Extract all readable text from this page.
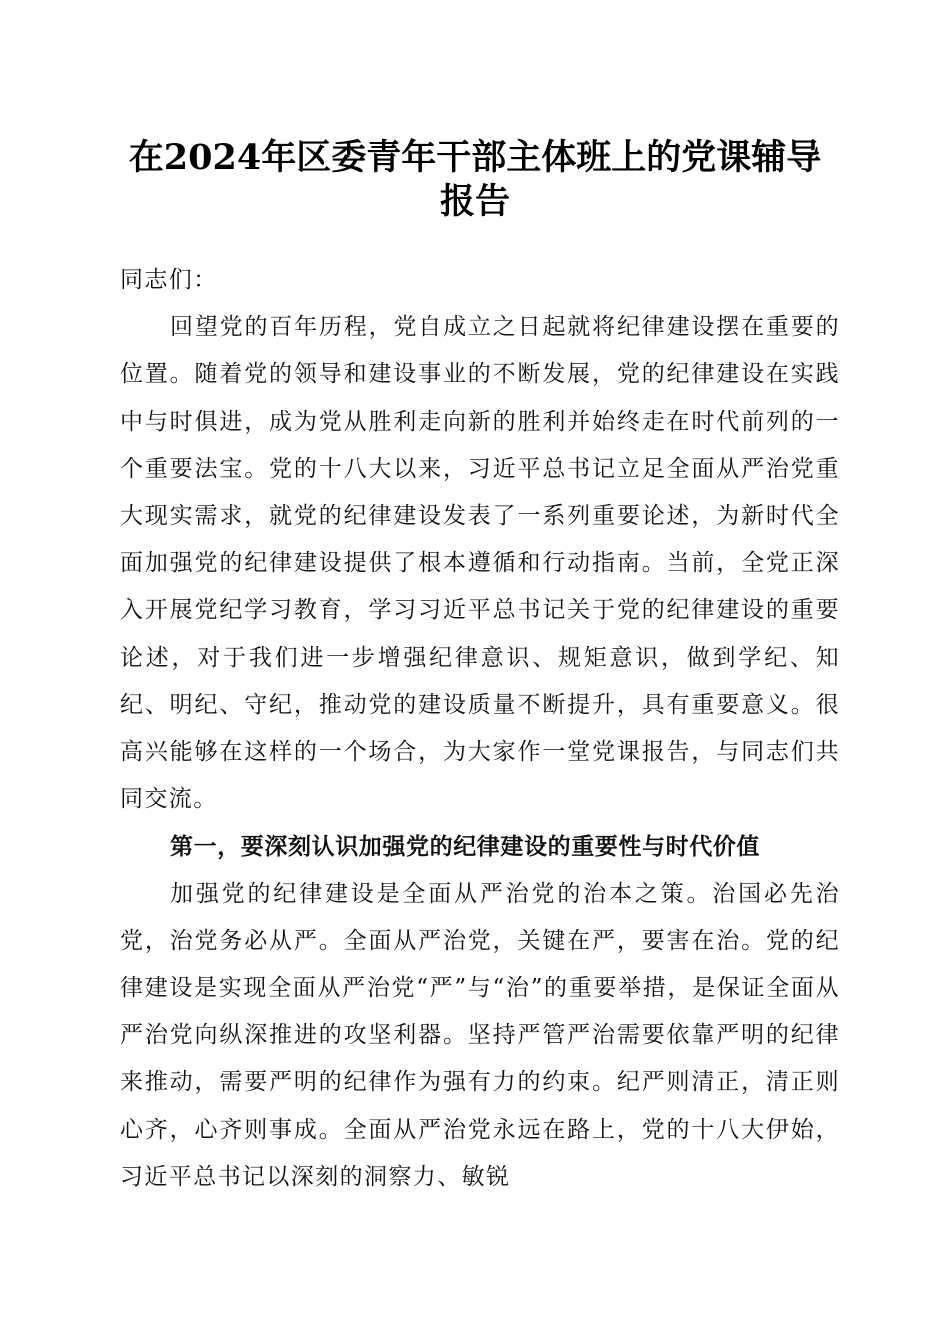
在2024年区委青年干部主体班上的党课辅导
报告

同志们：

回望党的百年历程，党自成立之日起就将纪律建设摆在重要的位置。随着党的领导和建设事业的不断发展，党的纪律建设在实践中与时俱进，成为党从胜利走向新的胜利并始终走在时代前列的一个重要法宝。党的十八大以来，习近平总书记立足全面从严治党重大现实需求，就党的纪律建设发表了一系列重要论述，为新时代全面加强党的纪律建设提供了根本遵循和行动指南。当前，全党正深入开展党纪学习教育，学习习近平总书记关于党的纪律建设的重要论述，对于我们进一步增强纪律意识、规矩意识，做到学纪、知纪、明纪、守纪，推动党的建设质量不断提升，具有重要意义。很高兴能够在这样的一个场合，为大家作一堂党课报告，与同志们共同交流。

第一，要深刻认识加强党的纪律建设的重要性与时代价值

加强党的纪律建设是全面从严治党的治本之策。治国必先治党，治党务必从严。全面从严治党，关键在严，要害在治。党的纪律建设是实现全面从严治党“严”与“治”的重要举措，是保证全面从严治党向纵深推进的攻坚利器。坚持严管严治需要依靠严明的纪律来推动，需要严明的纪律作为强有力的约束。纪严则清正，清正则心齐，心齐则事成。全面从严治党永远在路上，党的十八大伊始，习近平总书记以深刻的洞察力、敏锐
